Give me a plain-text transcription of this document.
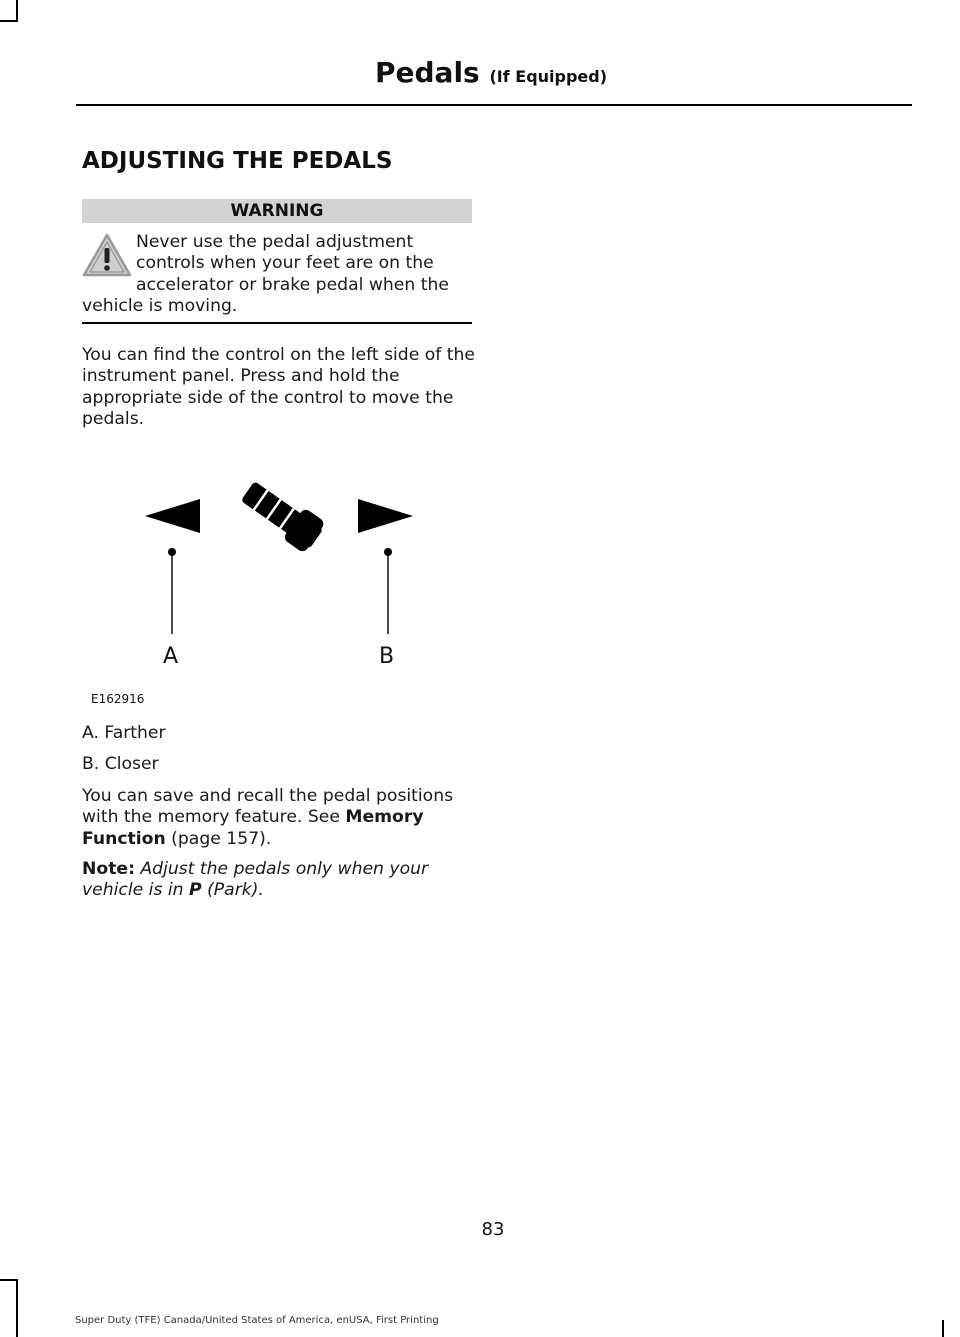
Pedals (If Equipped)
ADJUSTING THE PEDALS
WARNING
Never use the pedal adjustment controls when your feet are on the accelerator or brake pedal when the vehicle is moving.
You can find the control on the left side of the instrument panel. Press and hold the appropriate side of the control to move the pedals.
A	B
E162916
A. Farther
B. Closer
You can save and recall the pedal positions with the memory feature. See Memory Function (page 157).
Note: Adjust the pedals only when your vehicle is in P (Park).
83
Super Duty (TFE) Canada/United States of America, enUSA, First Printing
